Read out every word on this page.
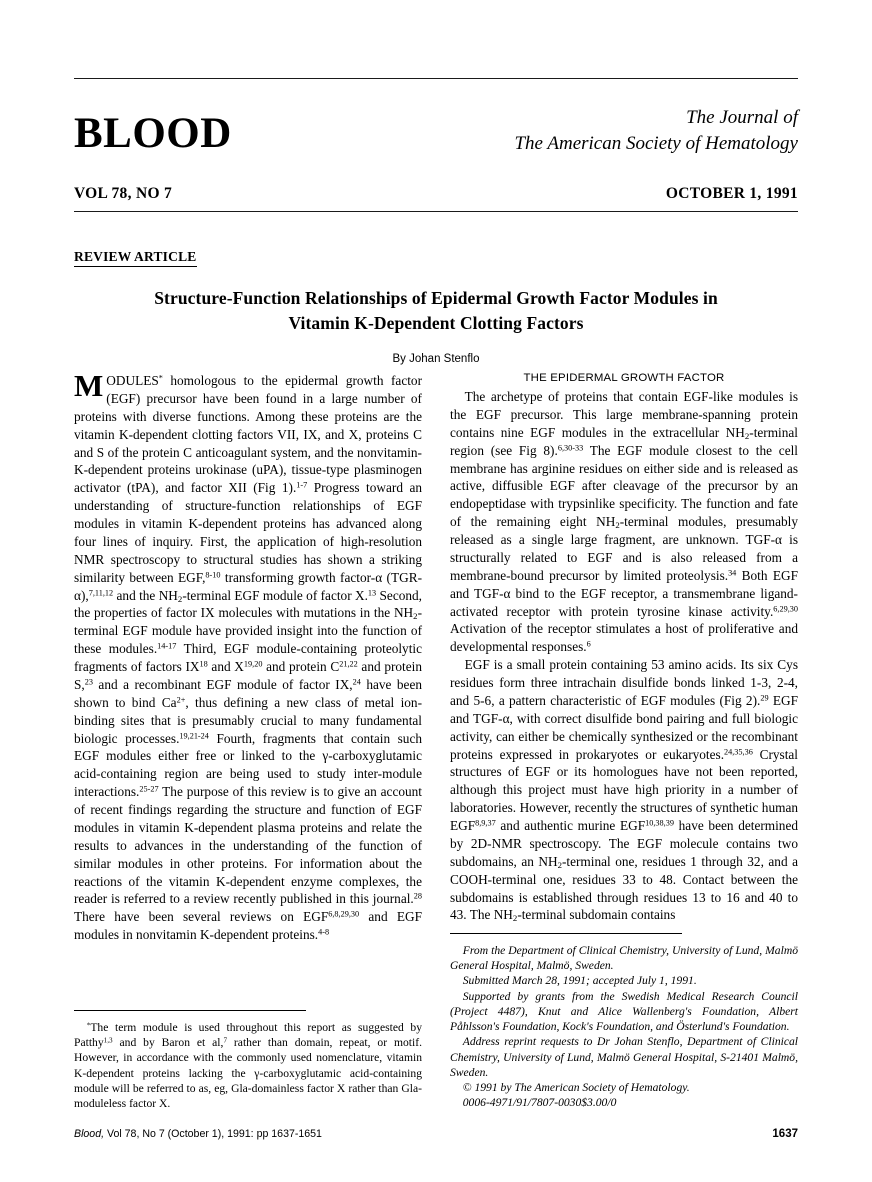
BLOOD	The Journal of
The American Society of Hematology
VOL 78, NO 7	OCTOBER 1, 1991
REVIEW ARTICLE
Structure-Function Relationships of Epidermal Growth Factor Modules in
Vitamin K-Dependent Clotting Factors
By Johan Stenflo

MODULES* homologous to the epidermal growth factor (EGF) precursor have been found in a large number of proteins with diverse functions. Among these proteins are the vitamin K-dependent clotting factors VII, IX, and X, proteins C and S of the protein C anticoagulant system, and the nonvitamin-K-dependent proteins urokinase (uPA), tissue-type plasminogen activator (tPA), and factor XII (Fig 1).$^{1-7}$ Progress toward an understanding of structure-function relationships of EGF modules in vitamin K-dependent proteins has advanced along four lines of inquiry. First, the application of high-resolution NMR spectroscopy to structural studies has shown a striking similarity between EGF,$^{8-10}$ transforming growth factor-α (TGR-α),$^{7,11,12}$ and the $NH_2$-terminal EGF module of factor X.$^{13}$ Second, the properties of factor IX molecules with mutations in the $NH_2$-terminal EGF module have provided insight into the function of these modules.$^{14-17}$ Third, EGF module-containing proteolytic fragments of factors IX$^{18}$ and X$^{19,20}$ and protein C$^{21,22}$ and protein S,$^{23}$ and a recombinant EGF module of factor IX,$^{24}$ have been shown to bind $Ca^{2+}$, thus defining a new class of metal ion-binding sites that is presumably crucial to many fundamental biologic processes.$^{19,21-24}$ Fourth, fragments that contain such EGF modules either free or linked to the γ-carboxyglutamic acid-containing region are being used to study inter-module interactions.$^{25-27}$ The purpose of this review is to give an account of recent findings regarding the structure and function of EGF modules in vitamin K-dependent plasma proteins and relate the results to advances in the understanding of the function of similar modules in other proteins. For information about the reactions of the vitamin K-dependent enzyme complexes, the reader is referred to a review recently published in this journal.$^{28}$ There have been several reviews on EGF$^{6,8,29,30}$ and EGF modules in nonvitamin K-dependent proteins.$^{4-8}$

THE EPIDERMAL GROWTH FACTOR

The archetype of proteins that contain EGF-like modules is the EGF precursor. This large membrane-spanning protein contains nine EGF modules in the extracellular $NH_2$-terminal region (see Fig 8).$^{6,30-33}$ The EGF module closest to the cell membrane has arginine residues on either side and is released as active, diffusible EGF after cleavage of the precursor by an endopeptidase with trypsinlike specificity. The function and fate of the remaining eight $NH_2$-terminal modules, presumably released as a single large fragment, are unknown. TGF-α is structurally related to EGF and is also released from a membrane-bound precursor by limited proteolysis.$^{34}$ Both EGF and TGF-α bind to the EGF receptor, a transmembrane ligand-activated receptor with protein tyrosine kinase activity.$^{6,29,30}$ Activation of the receptor stimulates a host of proliferative and developmental responses.$^6$

EGF is a small protein containing 53 amino acids. Its six Cys residues form three intrachain disulfide bonds linked 1-3, 2-4, and 5-6, a pattern characteristic of EGF modules (Fig 2).$^{29}$ EGF and TGF-α, with correct disulfide bond pairing and full biologic activity, can either be chemically synthesized or the recombinant proteins expressed in prokaryotes or eukaryotes.$^{24,35,36}$ Crystal structures of EGF or its homologues have not been reported, although this project must have high priority in a number of laboratories. However, recently the structures of synthetic human EGF$^{8,9,37}$ and authentic murine EGF$^{10,38,39}$ have been determined by 2D-NMR spectroscopy. The EGF molecule contains two subdomains, an $NH_2$-terminal one, residues 1 through 32, and a COOH-terminal one, residues 33 to 48. Contact between the subdomains is established through residues 13 to 16 and 40 to 43. The $NH_2$-terminal subdomain contains

*The term module is used throughout this report as suggested by Patthy$^{1,3}$ and by Baron et al,$^7$ rather than domain, repeat, or motif. However, in accordance with the commonly used nomenclature, vitamin K-dependent proteins lacking the γ-carboxyglutamic acid-containing module will be referred to as, eg, Gla-domainless factor X rather than Gla-moduleless factor X.

From the Department of Clinical Chemistry, University of Lund, Malmö General Hospital, Malmö, Sweden.

Submitted March 28, 1991; accepted July 1, 1991.

Supported by grants from the Swedish Medical Research Council (Project 4487), Knut and Alice Wallenberg's Foundation, Albert Påhlsson's Foundation, Kock's Foundation, and Österlund's Foundation.

Address reprint requests to Dr Johan Stenflo, Department of Clinical Chemistry, University of Lund, Malmö General Hospital, S-21401 Malmö, Sweden.

© 1991 by The American Society of Hematology.

0006-4971/91/7807-0030$3.00/0

Blood, Vol 78, No 7 (October 1), 1991: pp 1637-1651	1637
